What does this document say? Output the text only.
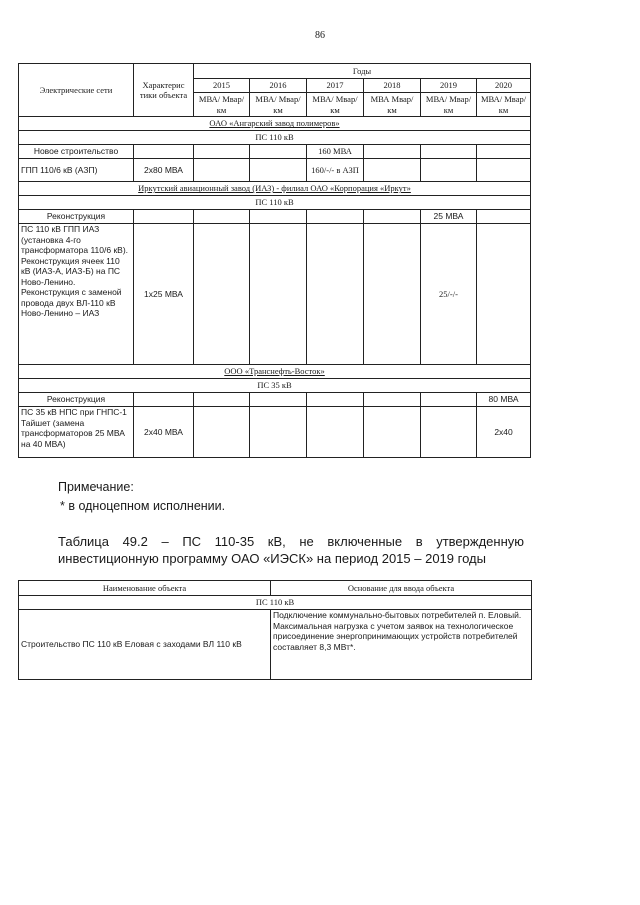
86
Электрические сети	Характерис тики объекта	Годы					
		2015	2016	2017	2018	2019	2020
		МВА/ Мвар/км	МВА/ Мвар/км	МВА/ Мвар/км	МВА Мвар/км	МВА/ Мвар/км	МВА/ Мвар/км
ОАО «Ангарский завод полимеров»							
ПС 110 кВ							
Новое строительство				160 МВА			
ГПП 110/6 кВ (АЗП)	2х80 МВА			160/-/- в АЗП			
Иркутский авиационный завод (ИАЗ) - филиал ОАО «Корпорация «Иркут»							
ПС 110 кВ							
Реконструкция						25 МВА	
ПС 110 кВ ГПП ИАЗ (установка 4-го трансформатора 110/6 кВ). Реконструкция ячеек 110 кВ (ИАЗ-А, ИАЗ-Б) на ПС Ново-Ленино. Реконструкция с заменой провода двух ВЛ-110 кВ Ново-Ленино – ИАЗ	1х25 МВА					25/-/-	
ООО «Транснефть-Восток»							
ПС 35 кВ							
Реконструкция							80 МВА
ПС 35 кВ НПС при ГНПС-1 Тайшет (замена трансформаторов 25 МВА на 40 МВА)	2х40 МВА						2х40
Примечание:
* в одноцепном исполнении.
Таблица 49.2 – ПС 110-35 кВ, не включенные в утвержденную
инвестиционную программу ОАО «ИЭСК» на период 2015 – 2019 годы
Наименование объекта	Основание для ввода объекта
ПС 110 кВ	
Строительство ПС 110 кВ Еловая с заходами ВЛ 110 кВ	Подключение коммунально-бытовых потребителей п. Еловый. Максимальная нагрузка с учетом заявок на технологическое присоединение энергопринимающих устройств потребителей составляет 8,3 МВт*.
